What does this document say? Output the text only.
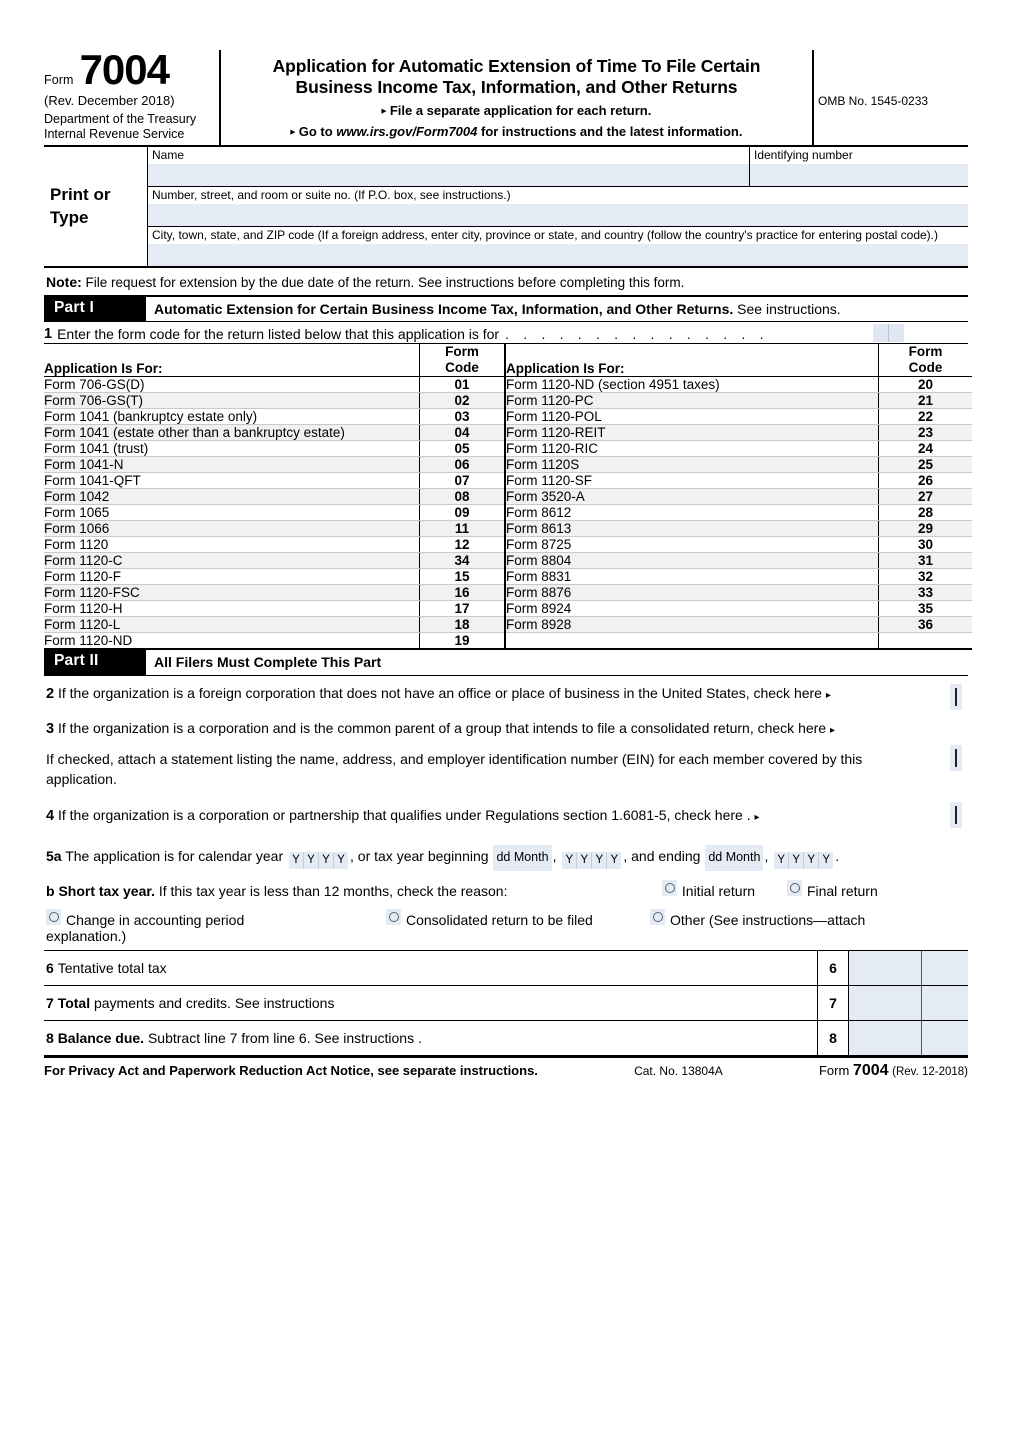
Form 7004
(Rev. December 2018)
Department of the Treasury
Internal Revenue Service
Application for Automatic Extension of Time To File Certain
Business Income Tax, Information, and Other Returns
▸ File a separate application for each return.
▸ Go to www.irs.gov/Form7004 for instructions and the latest information.
OMB No. 1545-0233
Print or
Type
Name	Identifying number
Number, street, and room or suite no. (If P.O. box, see instructions.)
City, town, state, and ZIP code (If a foreign address, enter city, province or state, and country (follow the country's practice for entering postal code).)
Note: File request for extension by the due date of the return. See instructions before completing this form.
Part I	Automatic Extension for Certain Business Income Tax, Information, and Other Returns. See instructions.
1 Enter the form code for the return listed below that this application is for . . . . . . . . . . . . . . .
Application Is For:	Form
Code	Application Is For:	Form
Code
Form 706-GS(D)	01	Form 1120-ND (section 4951 taxes)	20
Form 706-GS(T)	02	Form 1120-PC	21
Form 1041 (bankruptcy estate only)	03	Form 1120-POL	22
Form 1041 (estate other than a bankruptcy estate)	04	Form 1120-REIT	23
Form 1041 (trust)	05	Form 1120-RIC	24
Form 1041-N	06	Form 1120S	25
Form 1041-QFT	07	Form 1120-SF	26
Form 1042	08	Form 3520-A	27
Form 1065	09	Form 8612	28
Form 1066	11	Form 8613	29
Form 1120	12	Form 8725	30
Form 1120-C	34	Form 8804	31
Form 1120-F	15	Form 8831	32
Form 1120-FSC	16	Form 8876	33
Form 1120-H	17	Form 8924	35
Form 1120-L	18	Form 8928	36
Form 1120-ND	19		
Part II	All Filers Must Complete This Part
2 If the organization is a foreign corporation that does not have an office or place of business in the United States, check here ▸
3 If the organization is a corporation and is the common parent of a group that intends to file a consolidated return, check here ▸
If checked, attach a statement listing the name, address, and employer identification number (EIN) for each member covered by this application.
4 If the organization is a corporation or partnership that qualifies under Regulations section 1.6081-5, check here . ▸
5a The application is for calendar year Y Y Y Y , or tax year beginning dd Month , Y Y Y Y , and ending dd Month , Y Y Y Y .
b Short tax year. If this tax year is less than 12 months, check the reason:	Initial return
	Final return
Change in accounting period	Consolidated return to be filed	Other (See instructions—attach
explanation.)
6 Tentative total tax	6
7 Total payments and credits. See instructions	7
8 Balance due. Subtract line 7 from line 6. See instructions .	8
For Privacy Act and Paperwork Reduction Act Notice, see separate instructions.	Cat. No. 13804A	Form 7004 (Rev. 12-2018)
